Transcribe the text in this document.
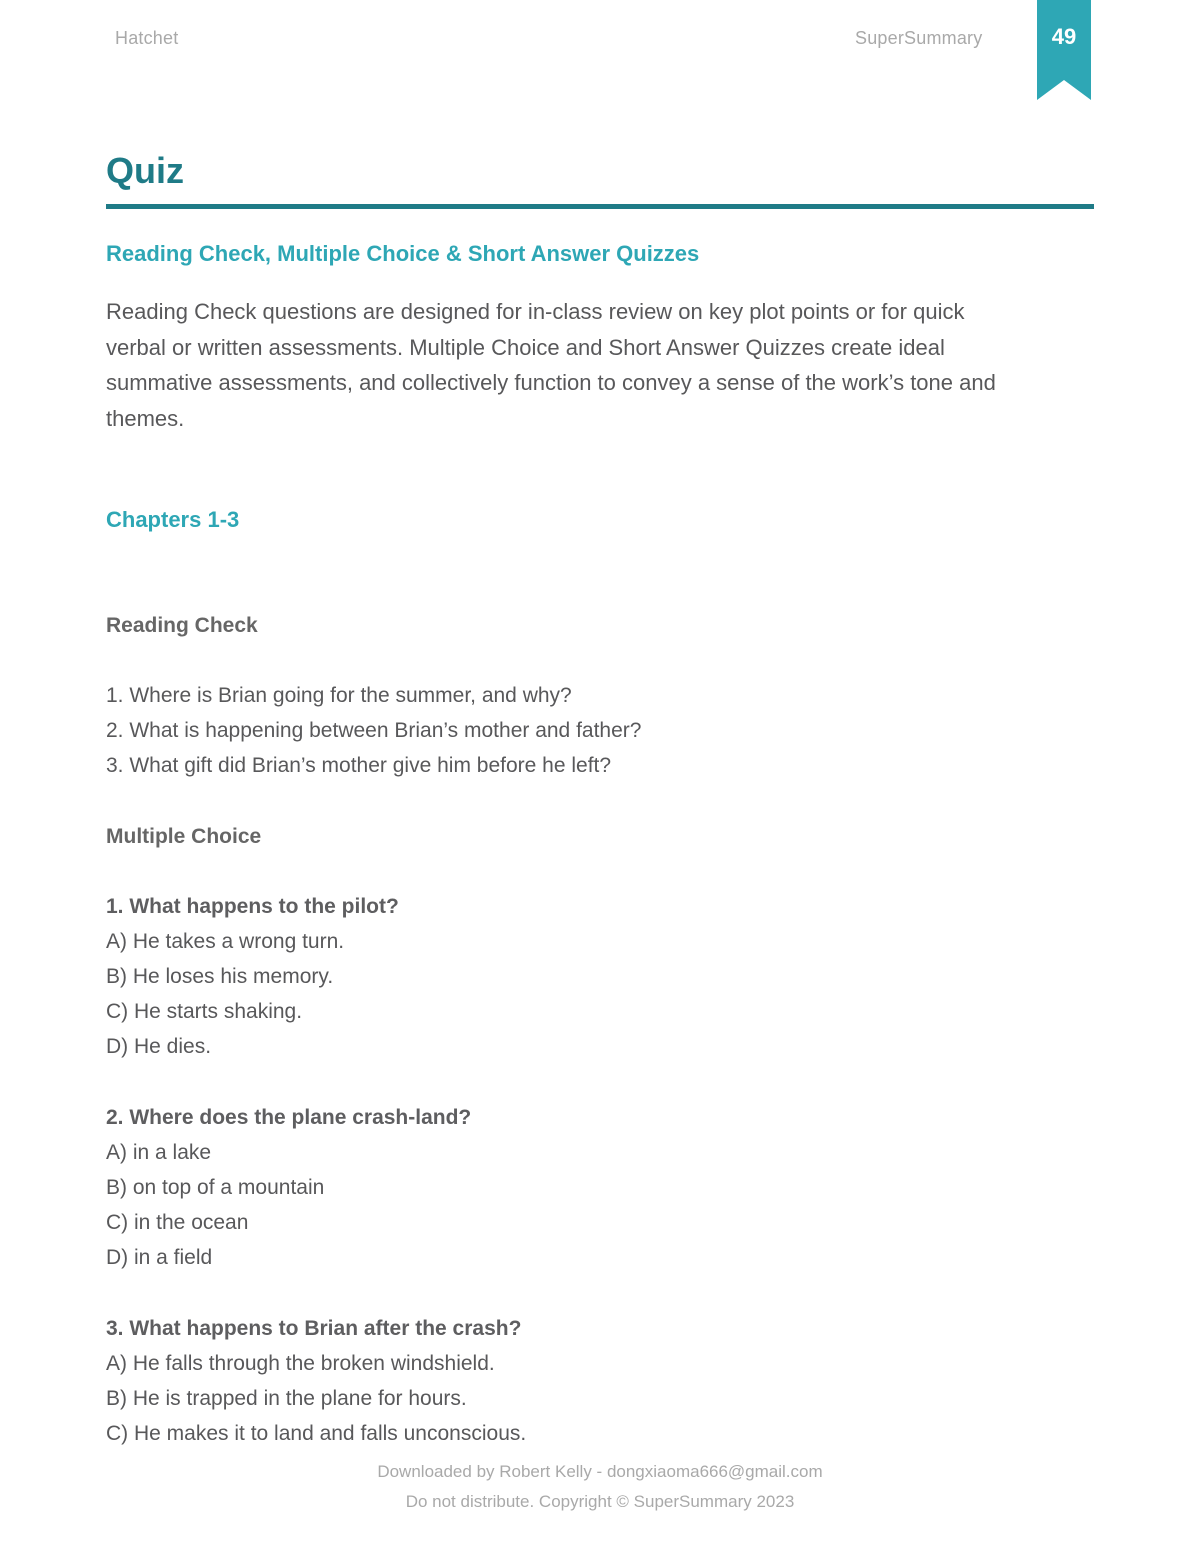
Hatchet	SuperSummary	49
Quiz
Reading Check, Multiple Choice & Short Answer Quizzes
Reading Check questions are designed for in-class review on key plot points or for quick
verbal or written assessments. Multiple Choice and Short Answer Quizzes create ideal
summative assessments, and collectively function to convey a sense of the work’s tone and
themes.
Chapters 1-3
Reading Check
1. Where is Brian going for the summer, and why?
2. What is happening between Brian’s mother and father?
3. What gift did Brian’s mother give him before he left?
Multiple Choice
1. What happens to the pilot?
A) He takes a wrong turn.
B) He loses his memory.
C) He starts shaking.
D) He dies.
2. Where does the plane crash-land?
A) in a lake
B) on top of a mountain
C) in the ocean
D) in a field
3. What happens to Brian after the crash?
A) He falls through the broken windshield.
B) He is trapped in the plane for hours.
C) He makes it to land and falls unconscious.
Downloaded by Robert Kelly - dongxiaoma666@gmail.com
Do not distribute. Copyright © SuperSummary 2023
